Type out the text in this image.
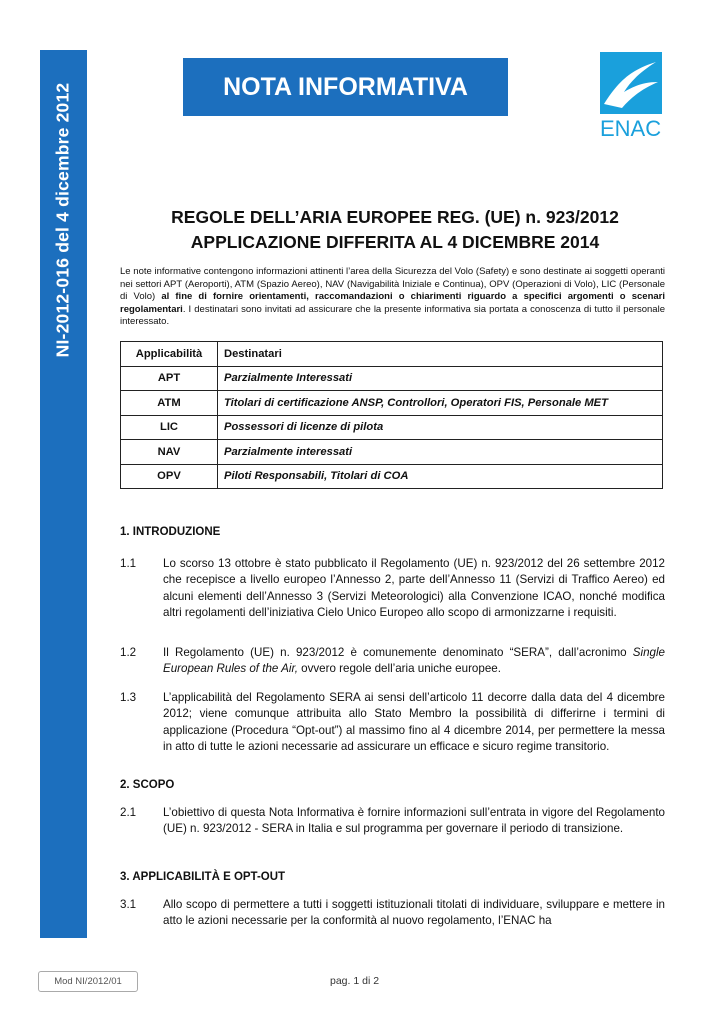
NI-2012-016 del 4 dicembre 2012	NOTA INFORMATIVA
ENAC
REGOLE DELL’ARIA EUROPEE REG. (UE) n. 923/2012
APPLICAZIONE DIFFERITA AL 4 DICEMBRE 2014
Le note informative contengono informazioni attinenti l’area della Sicurezza del Volo (Safety) e sono destinate ai soggetti operanti nei settori APT (Aeroporti), ATM (Spazio Aereo), NAV (Navigabilità Iniziale e Continua), OPV (Operazioni di Volo), LIC (Personale di Volo) al fine di fornire orientamenti, raccomandazioni o chiarimenti riguardo a specifici argomenti o scenari regolamentari. I destinatari sono invitati ad assicurare che la presente informativa sia portata a conoscenza di tutto il personale interessato.
Applicabilità	Destinatari
APT	Parzialmente Interessati
ATM	Titolari di certificazione ANSP, Controllori, Operatori FIS, Personale MET
LIC	Possessori di licenze di pilota
NAV	Parzialmente interessati
OPV	Piloti Responsabili, Titolari di COA
1. INTRODUZIONE
1.1	Lo scorso 13 ottobre è stato pubblicato il Regolamento (UE) n. 923/2012 del 26 settembre 2012 che recepisce a livello europeo l’Annesso 2, parte dell’Annesso 11 (Servizi di Traffico Aereo) ed alcuni elementi dell’Annesso 3 (Servizi Meteorologici) alla Convenzione ICAO, nonché modifica altri regolamenti dell’iniziativa Cielo Unico Europeo allo scopo di armonizzarne i requisiti.
1.2	Il Regolamento (UE) n. 923/2012 è comunemente denominato “SERA”, dall’acronimo Single European Rules of the Air, ovvero regole dell’aria uniche europee.
1.3	L’applicabilità del Regolamento SERA ai sensi dell’articolo 11 decorre dalla data del 4 dicembre 2012; viene comunque attribuita allo Stato Membro la possibilità di differirne i termini di applicazione (Procedura “Opt-out”) al massimo fino al 4 dicembre 2014, per permettere la messa in atto di tutte le azioni necessarie ad assicurare un efficace e sicuro regime transitorio.
2. SCOPO
2.1	L’obiettivo di questa Nota Informativa è fornire informazioni sull’entrata in vigore del Regolamento (UE) n. 923/2012 - SERA in Italia e sul programma per governare il periodo di transizione.
3. APPLICABILITÀ E OPT-OUT
3.1	Allo scopo di permettere a tutti i soggetti istituzionali titolati di individuare, sviluppare e mettere in atto le azioni necessarie per la conformità al nuovo regolamento, l’ENAC ha
Mod NI/2012/01	pag. 1 di 2
